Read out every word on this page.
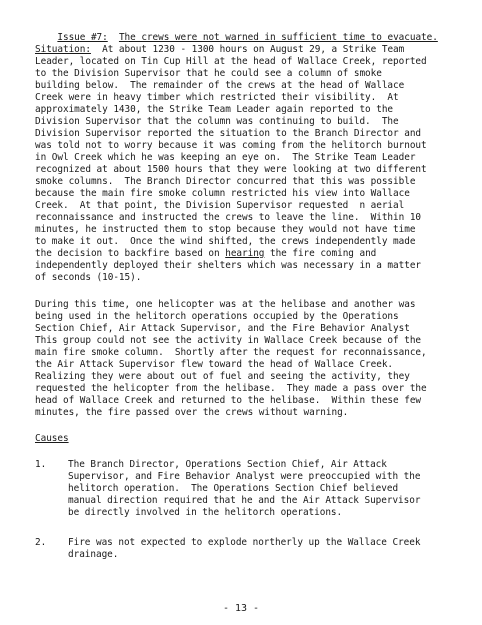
Issue #7: The crews were not warned in sufficient time to evacuate.

Situation:  At about 1230 - 1300 hours on August 29, a Strike Team
Leader, located on Tin Cup Hill at the head of Wallace Creek, reported
to the Division Supervisor that he could see a column of smoke
building below.  The remainder of the crews at the head of Wallace
Creek were in heavy timber which restricted their visibility.  At
approximately 1430, the Strike Team Leader again reported to the
Division Supervisor that the column was continuing to build.  The
Division Supervisor reported the situation to the Branch Director and
was told not to worry because it was coming from the helitorch burnout
in Owl Creek which he was keeping an eye on.  The Strike Team Leader
recognized at about 1500 hours that they were looking at two different
smoke columns.  The Branch Director concurred that this was possible
because the main fire smoke column restricted his view into Wallace
Creek.  At that point, the Division Supervisor requested  n aerial
reconnaissance and instructed the crews to leave the line.  Within 10
minutes, he instructed them to stop because they would not have time
to make it out.  Once the wind shifted, the crews independently made
the decision to backfire based on hearing the fire coming and
independently deployed their shelters which was necessary in a matter
of seconds (10-15).
During this time, one helicopter was at the helibase and another was
being used in the helitorch operations occupied by the Operations
Section Chief, Air Attack Supervisor, and the Fire Behavior Analyst
This group could not see the activity in Wallace Creek because of the
main fire smoke column.  Shortly after the request for reconnaissance,
the Air Attack Supervisor flew toward the head of Wallace Creek.
Realizing they were about out of fuel and seeing the activity, they
requested the helicopter from the helibase.  They made a pass over the
head of Wallace Creek and returned to the helibase.  Within these few
minutes, the fire passed over the crews without warning.
Causes
1. The Branch Director, Operations Section Chief, Air Attack
Supervisor, and Fire Behavior Analyst were preoccupied with the
helitorch operation.  The Operations Section Chief believed
manual direction required that he and the Air Attack Supervisor
be directly involved in the helitorch operations.
2. Fire was not expected to explode northerly up the Wallace Creek
drainage.
- 13 -
